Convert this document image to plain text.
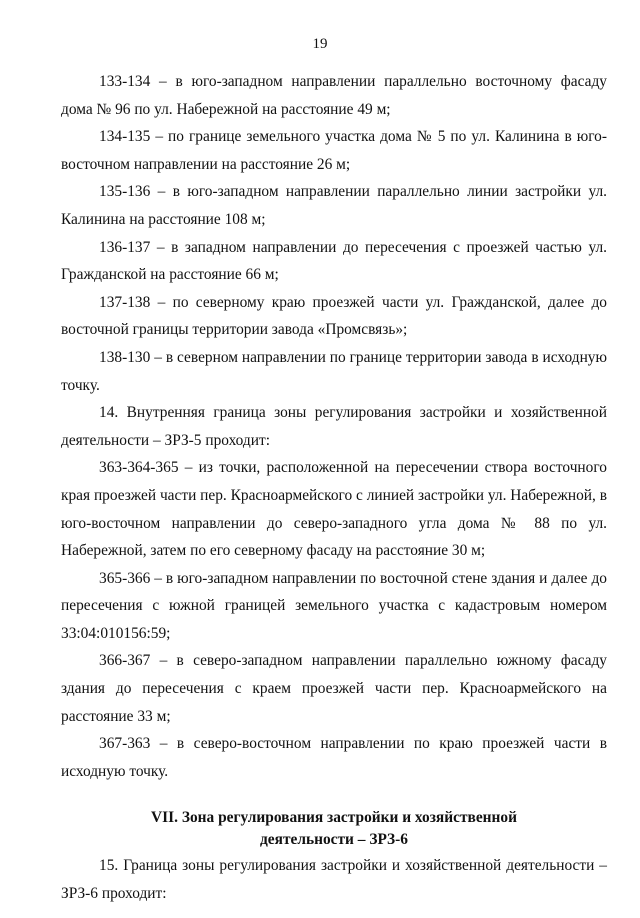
19

133-134 – в юго-западном направлении параллельно восточному фасаду дома № 96 по ул. Набережной на расстояние 49 м;

134-135 – по границе земельного участка дома № 5 по ул. Калинина в юго-восточном направлении на расстояние 26 м;

135-136 – в юго-западном направлении параллельно линии застройки ул. Калинина на расстояние 108 м;

136-137 – в западном направлении до пересечения с проезжей частью ул. Гражданской на расстояние 66 м;

137-138 – по северному краю проезжей части ул. Гражданской, далее до восточной границы территории завода «Промсвязь»;

138-130 – в северном направлении по границе территории завода в исходную точку.

14. Внутренняя граница зоны регулирования застройки и хозяйственной деятельности – ЗРЗ-5 проходит:

363-364-365 – из точки, расположенной на пересечении створа восточного края проезжей части пер. Красноармейского с линией застройки ул. Набережной, в юго-восточном направлении до северо-западного угла дома № 88 по ул. Набережной, затем по его северному фасаду на расстояние 30 м;

365-366 – в юго-западном направлении по восточной стене здания и далее до пересечения с южной границей земельного участка с кадастровым номером 33:04:010156:59;

366-367 – в северо-западном направлении параллельно южному фасаду здания до пересечения с краем проезжей части пер. Красноармейского на расстояние 33 м;

367-363 – в северо-восточном направлении по краю проезжей части в исходную точку.

VII. Зона регулирования застройки и хозяйственной
деятельности – ЗРЗ-6

15. Граница зоны регулирования застройки и хозяйственной деятельности – ЗРЗ-6 проходит:
